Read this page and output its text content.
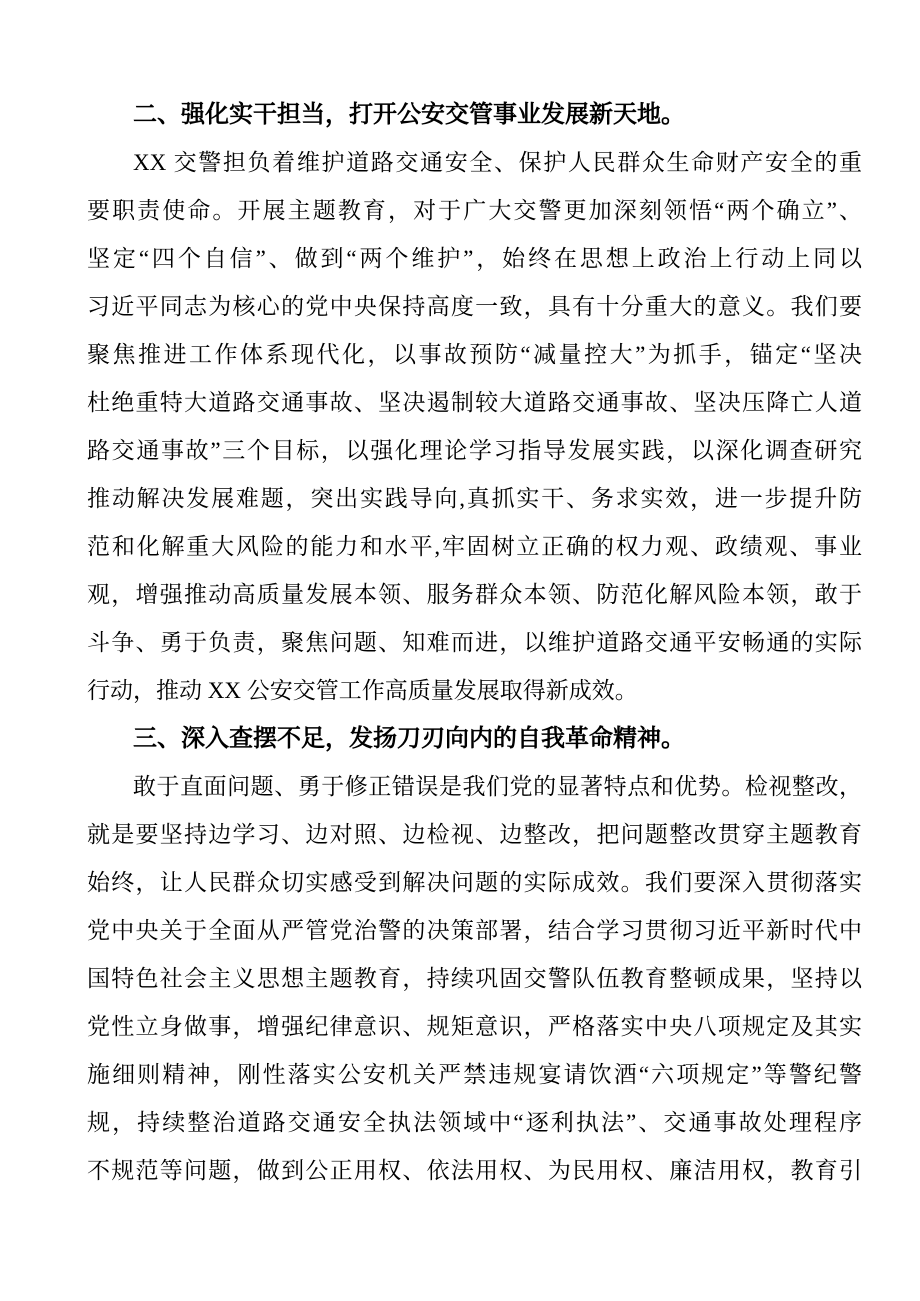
二、强化实干担当，打开公安交管事业发展新天地。
XX 交警担负着维护道路交通安全、保护人民群众生命财产安全的重
要职责使命。开展主题教育，对于广大交警更加深刻领悟“两个确立”、
坚定“四个自信”、做到“两个维护”，始终在思想上政治上行动上同以
习近平同志为核心的党中央保持高度一致，具有十分重大的意义。我们要
聚焦推进工作体系现代化，以事故预防“减量控大”为抓手，锚定“坚决
杜绝重特大道路交通事故、坚决遏制较大道路交通事故、坚决压降亡人道
路交通事故”三个目标，以强化理论学习指导发展实践，以深化调查研究
推动解决发展难题，突出实践导向,真抓实干、务求实效，进一步提升防
范和化解重大风险的能力和水平,牢固树立正确的权力观、政绩观、事业
观，增强推动高质量发展本领、服务群众本领、防范化解风险本领，敢于
斗争、勇于负责，聚焦问题、知难而进，以维护道路交通平安畅通的实际
行动，推动 XX 公安交管工作高质量发展取得新成效。
三、深入查摆不足，发扬刀刃向内的自我革命精神。
敢于直面问题、勇于修正错误是我们党的显著特点和优势。检视整改，
就是要坚持边学习、边对照、边检视、边整改，把问题整改贯穿主题教育
始终，让人民群众切实感受到解决问题的实际成效。我们要深入贯彻落实
党中央关于全面从严管党治警的决策部署，结合学习贯彻习近平新时代中
国特色社会主义思想主题教育，持续巩固交警队伍教育整顿成果，坚持以
党性立身做事，增强纪律意识、规矩意识，严格落实中央八项规定及其实
施细则精神，刚性落实公安机关严禁违规宴请饮酒“六项规定”等警纪警
规，持续整治道路交通安全执法领域中“逐利执法”、交通事故处理程序
不规范等问题，做到公正用权、依法用权、为民用权、廉洁用权，教育引
